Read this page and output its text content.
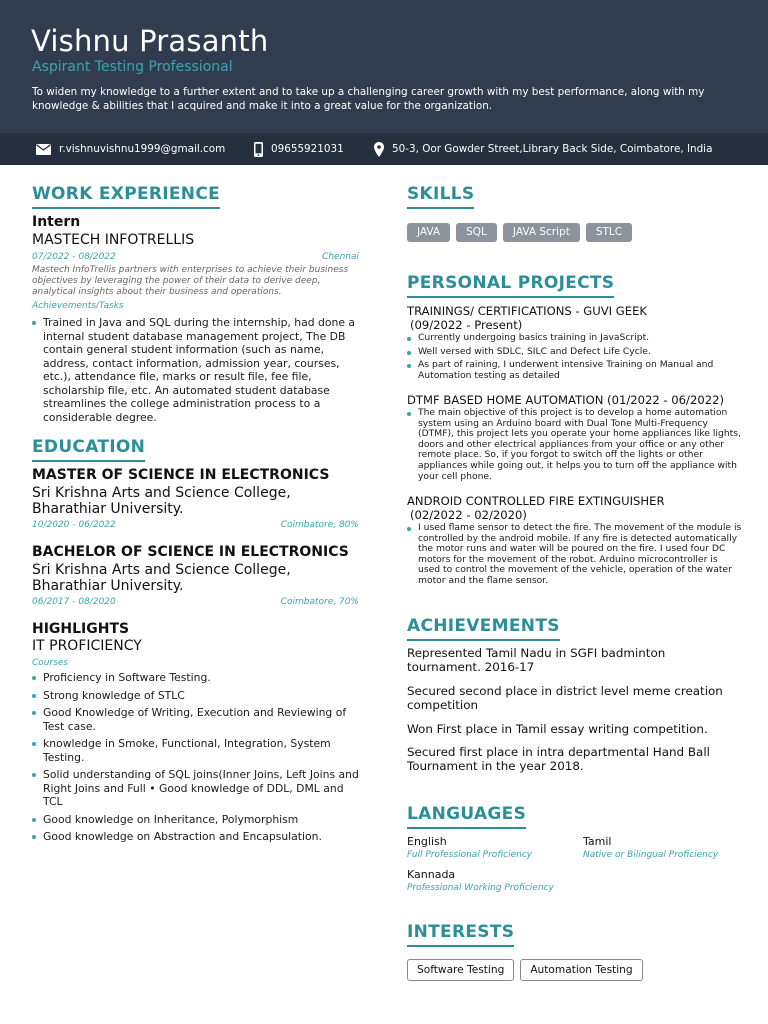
Vishnu Prasanth
Aspirant Testing Professional
To widen my knowledge to a further extent and to take up a challenging career growth with my best performance, along with my knowledge & abilities that I acquired and make it into a great value for the organization.
r.vishnuvishnu1999@gmail.com	09655921031	50-3, Oor Gowder Street,Library Back Side, Coimbatore, India
WORK EXPERIENCE
Intern
MASTECH INFOTRELLIS
07/2022 - 08/2022	Chennai
Mastech InfoTrellis partners with enterprises to achieve their business objectives by leveraging the power of their data to derive deep, analytical insights about their business and operations.
Achievements/Tasks
Trained in Java and SQL during the internship, had done a internal student database management project, The DB contain general student information (such as name, address, contact information, admission year, courses, etc.), attendance file, marks or result file, fee file, scholarship file, etc. An automated student database streamlines the college administration process to a considerable degree.
EDUCATION
MASTER OF SCIENCE IN ELECTRONICS
Sri Krishna Arts and Science College, Bharathiar University.
10/2020 - 06/2022	Coimbatore, 80%
BACHELOR OF SCIENCE IN ELECTRONICS
Sri Krishna Arts and Science College, Bharathiar University.
06/2017 - 08/2020	Coimbatore, 70%
HIGHLIGHTS
IT PROFICIENCY
Courses
Proficiency in Software Testing.
Strong knowledge of STLC
Good Knowledge of Writing, Execution and Reviewing of Test case.
knowledge in Smoke, Functional, Integration, System Testing.
Solid understanding of SQL joins(Inner Joins, Left Joins and Right Joins and Full • Good knowledge of DDL, DML and TCL
Good knowledge on Inheritance, Polymorphism
Good knowledge on Abstraction and Encapsulation.
SKILLS
JAVA SQL JAVA Script STLC
PERSONAL PROJECTS
TRAININGS/ CERTIFICATIONS - GUVI GEEK
(09/2022 - Present)
Currently undergoing basics training in JavaScript.
Well versed with SDLC, SILC and Defect Life Cycle.
As part of raining, I underwent intensive Training on Manual and Automation testing as detailed
DTMF BASED HOME AUTOMATION (01/2022 - 06/2022)
The main objective of this project is to develop a home automation system using an Arduino board with Dual Tone Multi-Frequency (DTMF), this project lets you operate your home appliances like lights, doors and other electrical appliances from your office or any other remote place. So, if you forgot to switch off the lights or other appliances while going out, it helps you to turn off the appliance with your cell phone.
ANDROID CONTROLLED FIRE EXTINGUISHER
(02/2022 - 02/2020)
I used flame sensor to detect the fire. The movement of the module is controlled by the android mobile. If any fire is detected automatically the motor runs and water will be poured on the fire. I used four DC motors for the movement of the robot. Arduino microcontroller is used to control the movement of the vehicle, operation of the water motor and the flame sensor.
ACHIEVEMENTS
Represented Tamil Nadu in SGFI badminton tournament. 2016-17
Secured second place in district level meme creation competition
Won First place in Tamil essay writing competition.
Secured first place in intra departmental Hand Ball Tournament in the year 2018.
LANGUAGES
English
Full Professional Proficiency
Tamil
Native or Bilingual Proficiency
Kannada
Professional Working Proficiency
INTERESTS
Software Testing Automation Testing
